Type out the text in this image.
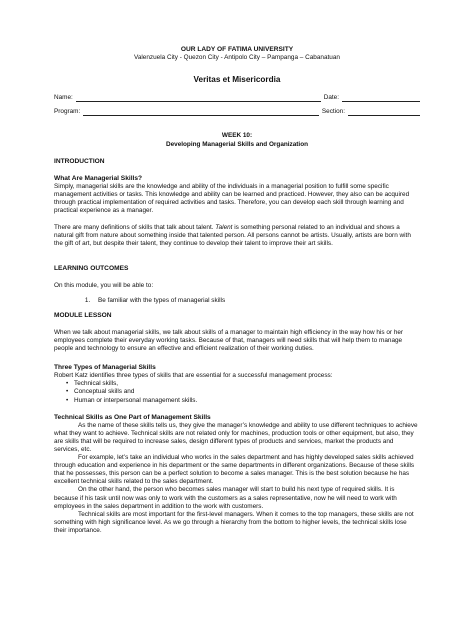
OUR LADY OF FATIMA UNIVERSITY
Valenzuela City - Quezon City - Antipolo City – Pampanga – Cabanatuan
Veritas et Misericordia
Name:	Date:
Program:	Section:
WEEK 10:
Developing Managerial Skills and Organization
INTRODUCTION
What Are Managerial Skills?

Simply, managerial skills are the knowledge and ability of the individuals in a managerial position to fulfill some specific management activities or tasks. This knowledge and ability can be learned and practiced. However, they also can be acquired through practical implementation of required activities and tasks. Therefore, you can develop each skill through learning and practical experience as a manager.

There are many definitions of skills that talk about talent. Talent is something personal related to an individual and shows a natural gift from nature about something inside that talented person. All persons cannot be artists. Usually, artists are born with the gift of art, but despite their talent, they continue to develop their talent to improve their art skills.

LEARNING OUTCOMES

On this module, you will be able to:

1. Be familiar with the types of managerial skills
MODULE LESSON

When we talk about managerial skills, we talk about skills of a manager to maintain high efficiency in the way how his or her employees complete their everyday working tasks. Because of that, managers will need skills that will help them to manage people and technology to ensure an effective and efficient realization of their working duties.

Three Types of Managerial Skills

Robert Katz identifies three types of skills that are essential for a successful management process:

• Technical skills,
• Conceptual skills and
• Human or interpersonal management skills.
Technical Skills as One Part of Management Skills

As the name of these skills tells us, they give the manager’s knowledge and ability to use different techniques to achieve what they want to achieve. Technical skills are not related only for machines, production tools or other equipment, but also, they are skills that will be required to increase sales, design different types of products and services, market the products and services, etc.

For example, let’s take an individual who works in the sales department and has highly developed sales skills achieved through education and experience in his department or the same departments in different organizations. Because of these skills that he possesses, this person can be a perfect solution to become a sales manager. This is the best solution because he has excellent technical skills related to the sales department.

On the other hand, the person who becomes sales manager will start to build his next type of required skills. It is because if his task until now was only to work with the customers as a sales representative, now he will need to work with employees in the sales department in addition to the work with customers.

Technical skills are most important for the first-level managers. When it comes to the top managers, these skills are not something with high significance level. As we go through a hierarchy from the bottom to higher levels, the technical skills lose their importance.
